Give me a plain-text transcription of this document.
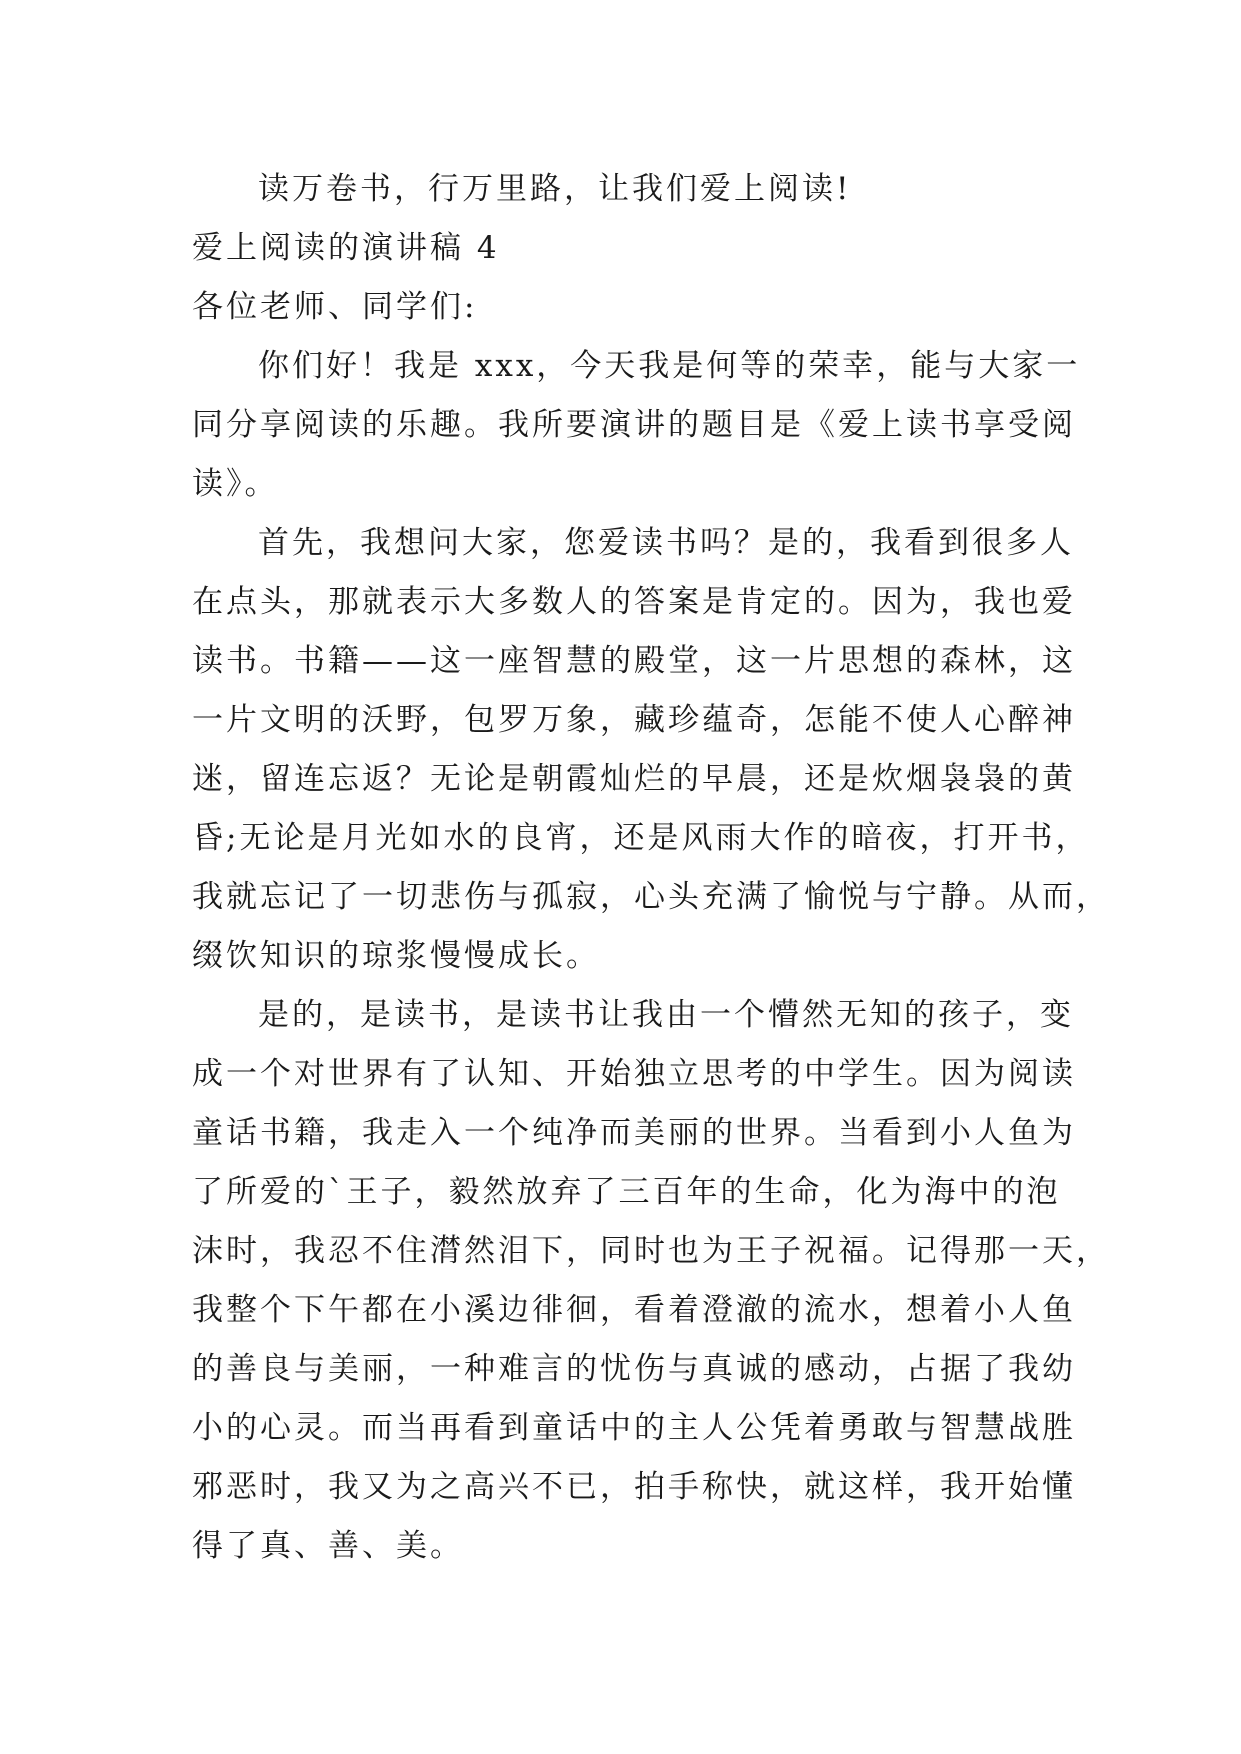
读万卷书，行万里路，让我们爱上阅读!
爱上阅读的演讲稿 4
各位老师、同学们:
你们好！我是 xxx，今天我是何等的荣幸，能与大家一
同分享阅读的乐趣。我所要演讲的题目是《爱上读书享受阅
读》。
首先，我想问大家，您爱读书吗？是的，我看到很多人
在点头，那就表示大多数人的答案是肯定的。因为，我也爱
读书。书籍——这一座智慧的殿堂，这一片思想的森林，这
一片文明的沃野，包罗万象，藏珍蕴奇，怎能不使人心醉神
迷，留连忘返？无论是朝霞灿烂的早晨，还是炊烟袅袅的黄
昏;无论是月光如水的良宵，还是风雨大作的暗夜，打开书，
我就忘记了一切悲伤与孤寂，心头充满了愉悦与宁静。从而，
缀饮知识的琼浆慢慢成长。
是的，是读书，是读书让我由一个懵然无知的孩子，变
成一个对世界有了认知、开始独立思考的中学生。因为阅读
童话书籍，我走入一个纯净而美丽的世界。当看到小人鱼为
了所爱的`王子，毅然放弃了三百年的生命，化为海中的泡
沫时，我忍不住潸然泪下，同时也为王子祝福。记得那一天，
我整个下午都在小溪边徘徊，看着澄澈的流水，想着小人鱼
的善良与美丽，一种难言的忧伤与真诚的感动，占据了我幼
小的心灵。而当再看到童话中的主人公凭着勇敢与智慧战胜
邪恶时，我又为之高兴不已，拍手称快，就这样，我开始懂
得了真、善、美。
